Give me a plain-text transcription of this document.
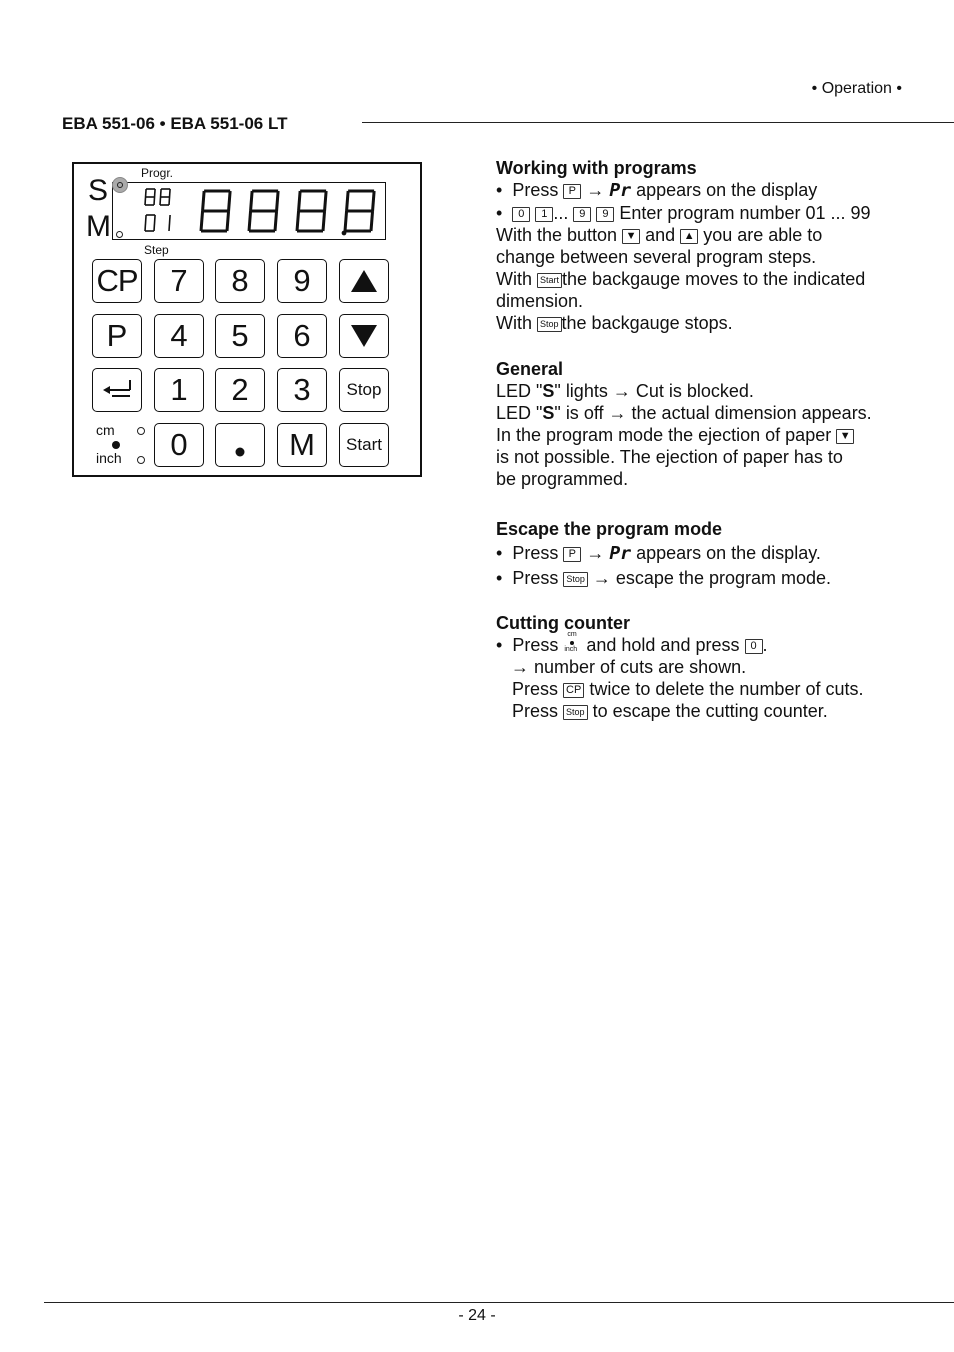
• Operation •
EBA 551-06 • EBA 551-06 LT
Progr.
S
M
Step
CP	7	8	9
P	4	5	6
1	2	3	Stop
cm
inch	0	M	Start
Working with programs
•  Press P → Pr appears on the display
•  0 1 ... 9 9 Enter program number 01 ... 99
With the button ▼ and ▲ you are able to
change between several program steps.
With Start the backgauge moves to the indicated
dimension.
With Stop the backgauge stops.
General
LED "S" lights → Cut is blocked.
LED "S" is off → the actual dimension appears.
In the program mode the ejection of paper ▼
is not possible. The ejection of paper has to
be programmed.
Escape the program mode
•  Press P → Pr appears on the display.
•  Press Stop → escape the program mode.
Cutting counter
•  Press
cm
inch and hold and press 0 .
→ number of cuts are shown.
Press CP twice to delete the number of cuts.
Press Stop to escape the cutting counter.
- 24 -
